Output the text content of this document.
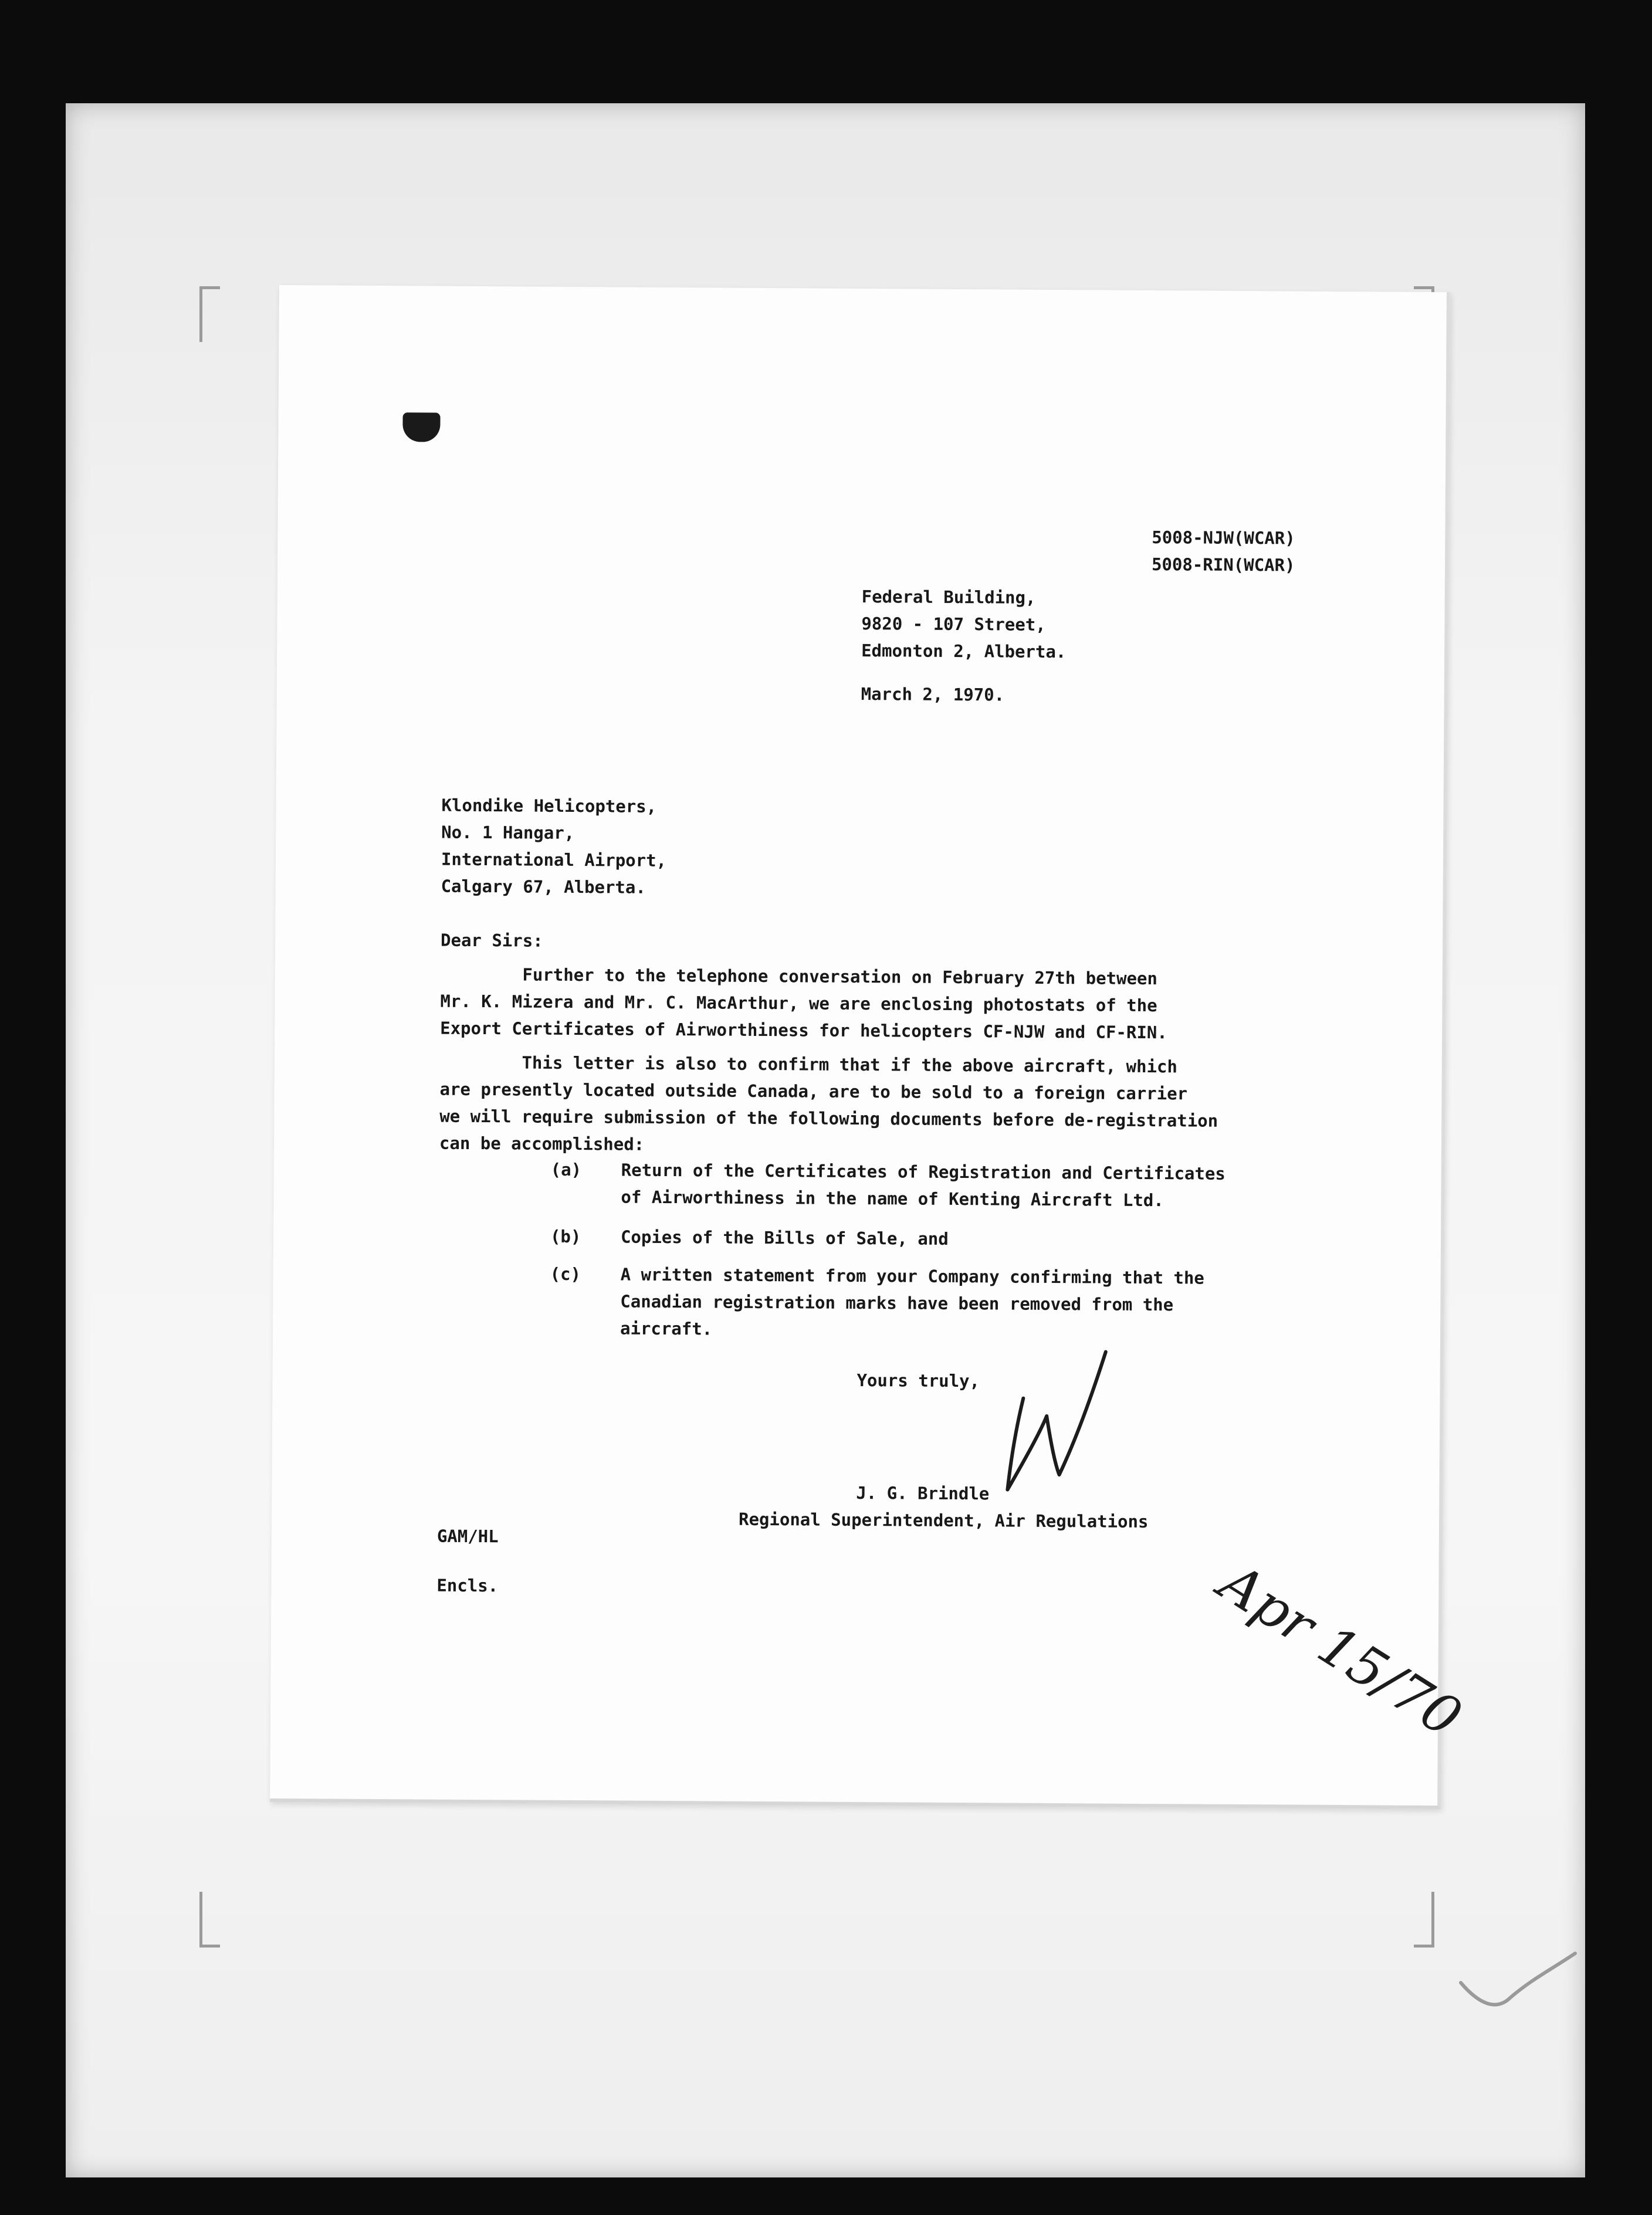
5008-NJW(WCAR)
5008-RIN(WCAR)
Federal Building,
9820 - 107 Street,
Edmonton 2, Alberta.
March 2, 1970.
Klondike Helicopters,
No. 1 Hangar,
International Airport,
Calgary 67, Alberta.
Dear Sirs:
Further to the telephone conversation on February 27th between
Mr. K. Mizera and Mr. C. MacArthur, we are enclosing photostats of the
Export Certificates of Airworthiness for helicopters CF-NJW and CF-RIN.
This letter is also to confirm that if the above aircraft, which
are presently located outside Canada, are to be sold to a foreign carrier
we will require submission of the following documents before de-registration
can be accomplished:
(a) Return of the Certificates of Registration and Certificates
of Airworthiness in the name of Kenting Aircraft Ltd.
(b) Copies of the Bills of Sale, and
(c) A written statement from your Company confirming that the
Canadian registration marks have been removed from the
aircraft.
Yours truly,
J. G. Brindle
Regional Superintendent, Air Regulations
GAM/HL
Encls.	Apr 15/70
